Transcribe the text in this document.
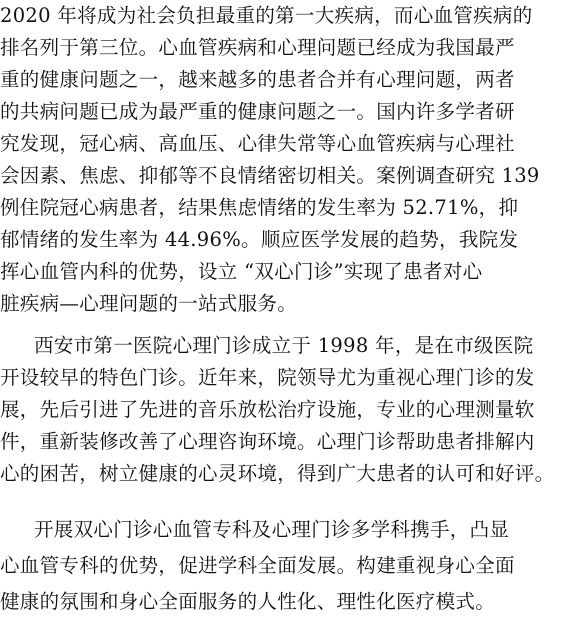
2020 年将成为社会负担最重的第一大疾病，而心血管疾病的
排名列于第三位。心血管疾病和心理问题已经成为我国最严
重的健康问题之一，越来越多的患者合并有心理问题，两者
的共病问题已成为最严重的健康问题之一。国内许多学者研
究发现，冠心病、高血压、心律失常等心血管疾病与心理社
会因素、焦虑、抑郁等不良情绪密切相关。案例调查研究 139
例住院冠心病患者，结果焦虑情绪的发生率为 52.71%，抑
郁情绪的发生率为 44.96%。顺应医学发展的趋势，我院发
挥心血管内科的优势，设立 “双心门诊”实现了患者对心
脏疾病—心理问题的一站式服务。
西安市第一医院心理门诊成立于 1998 年，是在市级医院
开设较早的特色门诊。近年来，院领导尤为重视心理门诊的发
展，先后引进了先进的音乐放松治疗设施，专业的心理测量软
件，重新装修改善了心理咨询环境。心理门诊帮助患者排解内
心的困苦，树立健康的心灵环境，得到广大患者的认可和好评。
开展双心门诊心血管专科及心理门诊多学科携手，凸显
心血管专科的优势，促进学科全面发展。构建重视身心全面
健康的氛围和身心全面服务的人性化、理性化医疗模式。
